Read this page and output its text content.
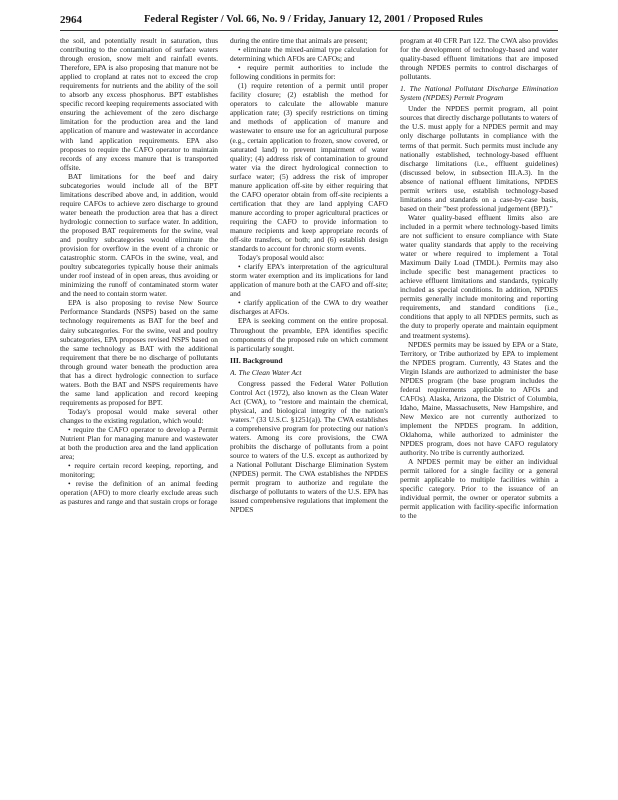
2964	Federal Register / Vol. 66, No. 9 / Friday, January 12, 2001 / Proposed Rules

the soil, and potentially result in saturation, thus contributing to the contamination of surface waters through erosion, snow melt and rainfall events. Therefore, EPA is also proposing that manure not be applied to cropland at rates not to exceed the crop requirements for nutrients and the ability of the soil to absorb any excess phosphorus. BPT establishes specific record keeping requirements associated with ensuring the achievement of the zero discharge limitation for the production area and the land application of manure and wastewater in accordance with land application requirements. EPA also proposes to require the CAFO operator to maintain records of any excess manure that is transported offsite.

BAT limitations for the beef and dairy subcategories would include all of the BPT limitations described above and, in addition, would require CAFOs to achieve zero discharge to ground water beneath the production area that has a direct hydrologic connection to surface water. In addition, the proposed BAT requirements for the swine, veal and poultry subcategories would eliminate the provision for overflow in the event of a chronic or catastrophic storm. CAFOs in the swine, veal, and poultry subcategories typically house their animals under roof instead of in open areas, thus avoiding or minimizing the runoff of contaminated storm water and the need to contain storm water.

EPA is also proposing to revise New Source Performance Standards (NSPS) based on the same technology requirements as BAT for the beef and dairy subcategories. For the swine, veal and poultry subcategories, EPA proposes revised NSPS based on the same technology as BAT with the additional requirement that there be no discharge of pollutants through ground water beneath the production area that has a direct hydrologic connection to surface waters. Both the BAT and NSPS requirements have the same land application and record keeping requirements as proposed for BPT.

Today's proposal would make several other changes to the existing regulation, which would:

• require the CAFO operator to develop a Permit Nutrient Plan for managing manure and wastewater at both the production area and the land application area;

• require certain record keeping, reporting, and monitoring;

• revise the definition of an animal feeding operation (AFO) to more clearly exclude areas such as pastures and range and that sustain crops or forage

during the entire time that animals are present;

• eliminate the mixed-animal type calculation for determining which AFOs are CAFOs; and

• require permit authorities to include the following conditions in permits for:

(1) require retention of a permit until proper facility closure; (2) establish the method for operators to calculate the allowable manure application rate; (3) specify restrictions on timing and methods of application of manure and wastewater to ensure use for an agricultural purpose (e.g., certain application to frozen, snow covered, or saturated land) to prevent impairment of water quality; (4) address risk of contamination to ground water via the direct hydrological connection to surface water; (5) address the risk of improper manure application off-site by either requiring that the CAFO operator obtain from off-site recipients a certification that they are land applying CAFO manure according to proper agricultural practices or requiring the CAFO to provide information to manure recipients and keep appropriate records of off-site transfers, or both; and (6) establish design standards to account for chronic storm events.

Today's proposal would also:

• clarify EPA's interpretation of the agricultural storm water exemption and its implications for land application of manure both at the CAFO and off-site; and

• clarify application of the CWA to dry weather discharges at AFOs.

EPA is seeking comment on the entire proposal. Throughout the preamble, EPA identifies specific components of the proposed rule on which comment is particularly sought.

III. Background
A. The Clean Water Act

Congress passed the Federal Water Pollution Control Act (1972), also known as the Clean Water Act (CWA), to "restore and maintain the chemical, physical, and biological integrity of the nation's waters." (33 U.S.C. §1251(a)). The CWA establishes a comprehensive program for protecting our nation's waters. Among its core provisions, the CWA prohibits the discharge of pollutants from a point source to waters of the U.S. except as authorized by a National Pollutant Discharge Elimination System (NPDES) permit. The CWA establishes the NPDES permit program to authorize and regulate the discharge of pollutants to waters of the U.S. EPA has issued comprehensive regulations that implement the NPDES

program at 40 CFR Part 122. The CWA also provides for the development of technology-based and water quality-based effluent limitations that are imposed through NPDES permits to control discharges of pollutants.

1. The National Pollutant Discharge Elimination System (NPDES) Permit Program

Under the NPDES permit program, all point sources that directly discharge pollutants to waters of the U.S. must apply for a NPDES permit and may only discharge pollutants in compliance with the terms of that permit. Such permits must include any nationally established, technology-based effluent discharge limitations (i.e., effluent guidelines) (discussed below, in subsection III.A.3). In the absence of national effluent limitations, NPDES permit writers use, establish technology-based limitations and standards on a case-by-case basis, based on their "best professional judgement (BPJ)."

Water quality-based effluent limits also are included in a permit where technology-based limits are not sufficient to ensure compliance with State water quality standards that apply to the receiving water or where required to implement a Total Maximum Daily Load (TMDL). Permits may also include specific best management practices to achieve effluent limitations and standards, typically included as special conditions. In addition, NPDES permits generally include monitoring and reporting requirements, and standard conditions (i.e., conditions that apply to all NPDES permits, such as the duty to properly operate and maintain equipment and treatment systems).

NPDES permits may be issued by EPA or a State, Territory, or Tribe authorized by EPA to implement the NPDES program. Currently, 43 States and the Virgin Islands are authorized to administer the base NPDES program (the base program includes the federal requirements applicable to AFOs and CAFOs). Alaska, Arizona, the District of Columbia, Idaho, Maine, Massachusetts, New Hampshire, and New Mexico are not currently authorized to implement the NPDES program. In addition, Oklahoma, while authorized to administer the NPDES program, does not have CAFO regulatory authority. No tribe is currently authorized.

A NPDES permit may be either an individual permit tailored for a single facility or a general permit applicable to multiple facilities within a specific category. Prior to the issuance of an individual permit, the owner or operator submits a permit application with facility-specific information to the
